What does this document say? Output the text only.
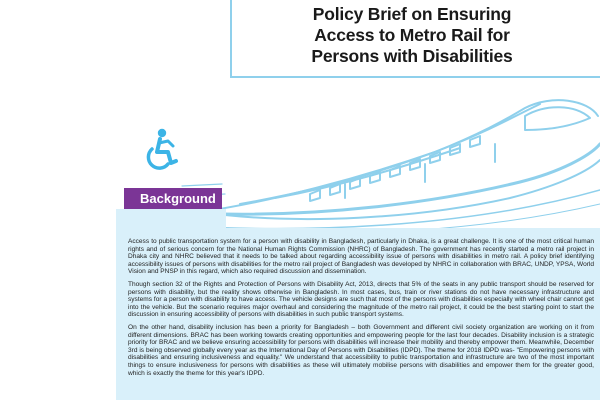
Policy Brief on Ensuring
Access to Metro Rail for
Persons with Disabilities
Background

Access to public transportation system for a person with disability in Bangladesh, particularly in Dhaka, is a great challenge. It is one of the most critical human rights and of serious concern for the National Human Rights Commission (NHRC) of Bangladesh. The government has recently started a metro rail project in Dhaka city and NHRC believed that it needs to be talked about regarding accessibility issue of persons with disabilities in metro rail. A policy brief identifying accessibility issues of persons with disabilities for the metro rail project of Bangladesh was developed by NHRC in collaboration with BRAC, UNDP, YPSA, World Vision and PNSP in this regard, which also required discussion and dissemination.

Though section 32 of the Rights and Protection of Persons with Disability Act, 2013, directs that 5% of the seats in any public transport should be reserved for persons with disability, but the reality shows otherwise in Bangladesh. In most cases, bus, train or river stations do not have necessary infrastructure and systems for a person with disability to have access. The vehicle designs are such that most of the persons with disabilities especially with wheel chair cannot get into the vehicle. But the scenario requires major overhaul and considering the magnitude of the metro rail project, it could be the best starting point to start the discussion in ensuring accessibility of persons with disabilities in such public transport systems.

On the other hand, disability inclusion has been a priority for Bangladesh – both Government and different civil society organization are working on it from different dimensions. BRAC has been working towards creating opportunities and empowering people for the last four decades. Disability inclusion is a strategic priority for BRAC and we believe ensuring accessibility for persons with disabilities will increase their mobility and thereby empower them. Meanwhile, December 3rd is being observed globally every year as the International Day of Persons with Disabilities (IDPD). The theme for 2018 IDPD was- "Empowering persons with disabilities and ensuring inclusiveness and equality." We understand that accessibility to public transportation and infrastructure are two of the most important things to ensure inclusiveness for persons with disabilities as these will ultimately mobilise persons with disabilities and empower them for the greater good, which is exactly the theme for this year's IDPD.
